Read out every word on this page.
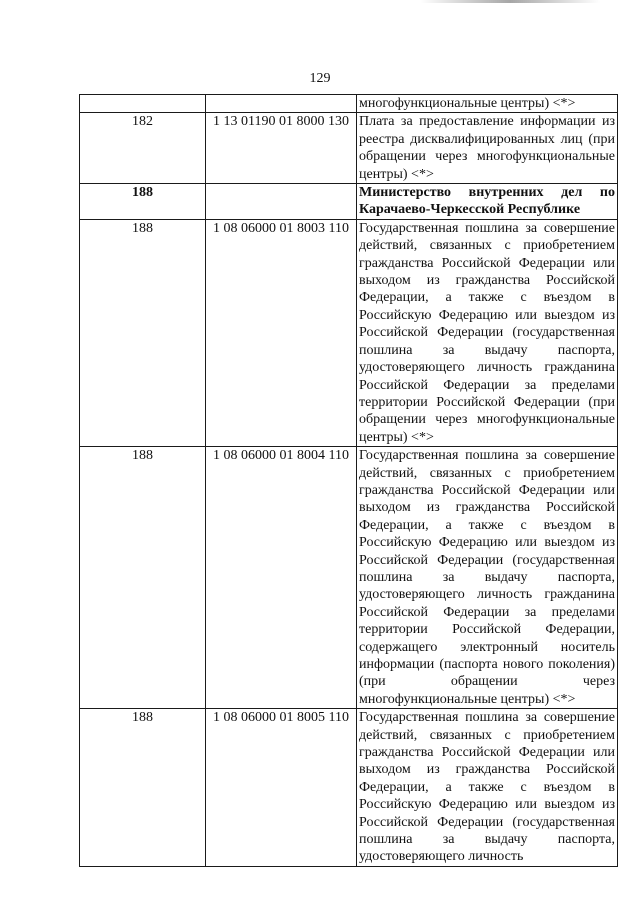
129

		многофункциональные центры) <*>

182	1 13 01190 01 8000 130	Плата за предоставление информации из реестра дисквалифицированных лиц (при обращении через многофункциональные центры) <*>

188		Министерство внутренних дел по Карачаево-Черкесской Республике

188	1 08 06000 01 8003 110	Государственная пошлина за совершение действий, связанных с приобретением гражданства Российской Федерации или выходом из гражданства Российской Федерации, а также с въездом в Российскую Федерацию или выездом из Российской Федерации (государственная пошлина за выдачу паспорта, удостоверяющего личность гражданина Российской Федерации за пределами территории Российской Федерации (при обращении через многофункциональные центры) <*>

188	1 08 06000 01 8004 110	Государственная пошлина за совершение действий, связанных с приобретением гражданства Российской Федерации или выходом из гражданства Российской Федерации, а также с въездом в Российскую Федерацию или выездом из Российской Федерации (государственная пошлина за выдачу паспорта, удостоверяющего личность гражданина Российской Федерации за пределами территории Российской Федерации, содержащего электронный носитель информации (паспорта нового поколения) (при обращении через многофункциональные центры) <*>

188	1 08 06000 01 8005 110	Государственная пошлина за совершение действий, связанных с приобретением гражданства Российской Федерации или выходом из гражданства Российской Федерации, а также с въездом в Российскую Федерацию или выездом из Российской Федерации (государственная пошлина за выдачу паспорта, удостоверяющего личность
